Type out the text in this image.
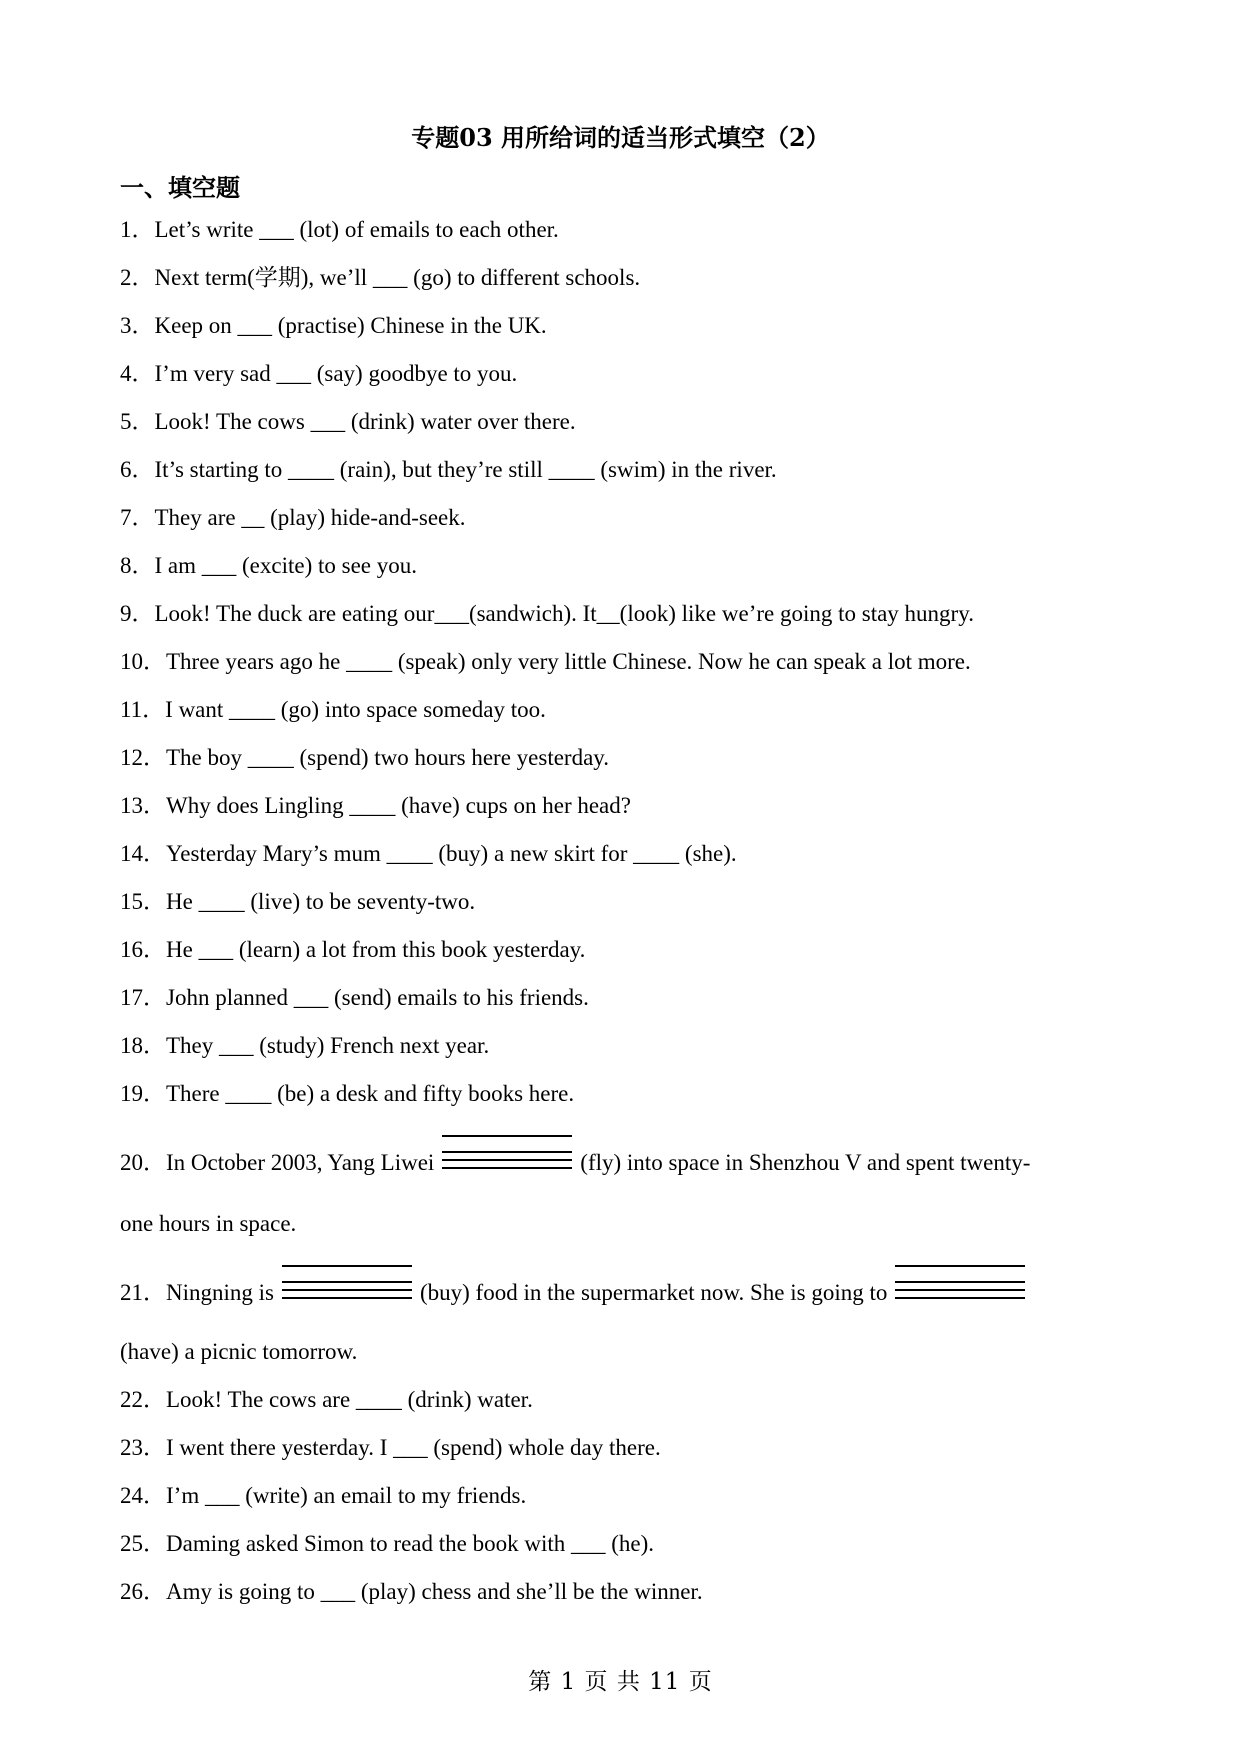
专题03 用所给词的适当形式填空（2）
一、填空题
1．Let’s write ___ (lot) of emails to each other.
2．Next term(学期), we’ll ___ (go) to different schools.
3．Keep on ___ (practise) Chinese in the UK.
4．I’m very sad ___ (say) goodbye to you.
5．Look! The cows ___ (drink) water over there.
6．It’s starting to ____ (rain), but they’re still ____ (swim) in the river.
7．They are __ (play) hide-and-seek.
8．I am ___ (excite) to see you.
9．Look! The duck are eating our___(sandwich). It__(look) like we’re going to stay hungry.
10．Three years ago he ____ (speak) only very little Chinese. Now he can speak a lot more.
11．I want ____ (go) into space someday too.
12．The boy ____ (spend) two hours here yesterday.
13．Why does Lingling ____ (have) cups on her head?
14．Yesterday Mary’s mum ____ (buy) a new skirt for ____ (she).
15．He ____ (live) to be seventy-two.
16．He ___ (learn) a lot from this book yesterday.
17．John planned ___ (send) emails to his friends.
18．They ___ (study) French next year.
19．There ____ (be) a desk and fifty books here.
20．In October 2003, Yang Liwei	(fly) into space in Shenzhou V and spent twenty-
one hours in space.
21．Ningning is	(buy) food in the supermarket now. She is going to
(have) a picnic tomorrow.
22．Look! The cows are ____ (drink) water.
23．I went there yesterday. I ___ (spend) whole day there.
24．I’m ___ (write) an email to my friends.
25．Daming asked Simon to read the book with ___ (he).
26．Amy is going to ___ (play) chess and she’ll be the winner.
第 1 页 共 11 页
